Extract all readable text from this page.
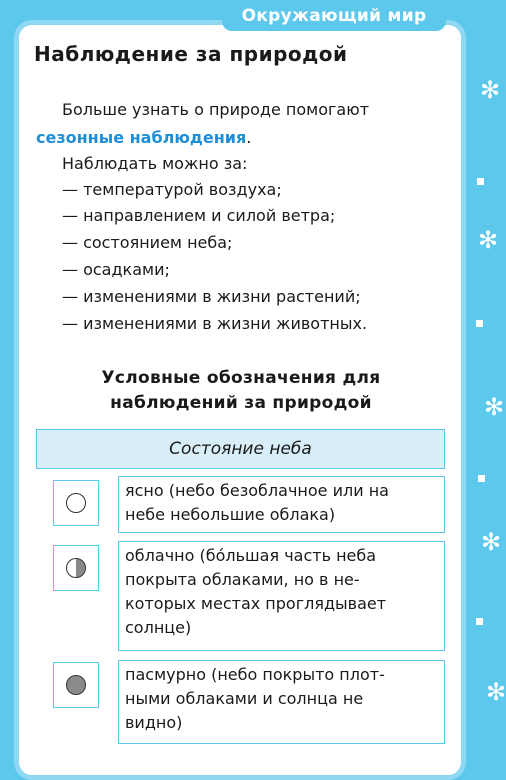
✻
✻
✻
✻
✻
Окружающий мир
Наблюдение за природой
Больше узнать о природе помогают
сезонные наблюдения.
Наблюдать можно за:
— температурой воздуха;
— направлением и силой ветра;
— состоянием неба;
— осадками;
— изменениями в жизни растений;
— изменениями в жизни животных.
Условные обозначения для
наблюдений за природой
Состояние неба
ясно (небо безоблачное или на
небе небольшие облака)
облачно (бо́льшая часть неба
покрыта облаками, но в не-
которых местах проглядывает
солнце)
пасмурно (небо покрыто плот-
ными облаками и солнца не
видно)
